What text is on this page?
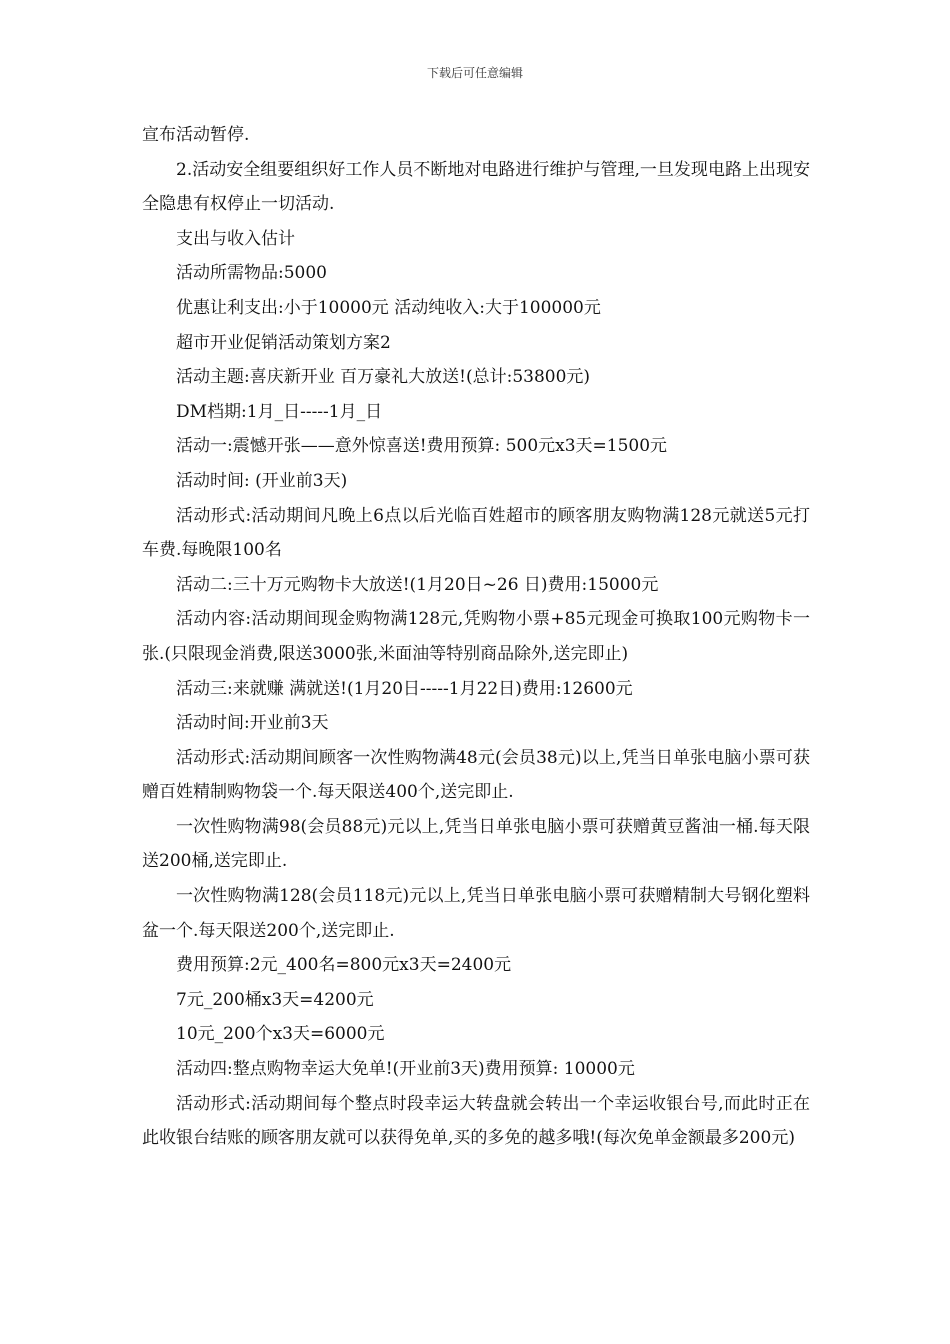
下载后可任意编辑

宣布活动暂停.

2.活动安全组要组织好工作人员不断地对电路进行维护与管理,一旦发现电路上出现安全隐患有权停止一切活动.

支出与收入估计

活动所需物品:5000

优惠让利支出:小于10000元 活动纯收入:大于100000元

超市开业促销活动策划方案2

活动主题:喜庆新开业 百万豪礼大放送!(总计:53800元)

DM档期:1月_日-----1月_日

活动一:震憾开张——意外惊喜送!费用预算: 500元x3天=1500元

活动时间: (开业前3天)

活动形式:活动期间凡晚上6点以后光临百姓超市的顾客朋友购物满128元就送5元打车费.每晚限100名

活动二:三十万元购物卡大放送!(1月20日~26 日)费用:15000元

活动内容:活动期间现金购物满128元,凭购物小票+85元现金可换取100元购物卡一张.(只限现金消费,限送3000张,米面油等特别商品除外,送完即止)

活动三:来就赚 满就送!(1月20日-----1月22日)费用:12600元

活动时间:开业前3天

活动形式:活动期间顾客一次性购物满48元(会员38元)以上,凭当日单张电脑小票可获赠百姓精制购物袋一个.每天限送400个,送完即止.

一次性购物满98(会员88元)元以上,凭当日单张电脑小票可获赠黄豆酱油一桶.每天限送200桶,送完即止.

一次性购物满128(会员118元)元以上,凭当日单张电脑小票可获赠精制大号钢化塑料盆一个.每天限送200个,送完即止.

费用预算:2元_400名=800元x3天=2400元

7元_200桶x3天=4200元

10元_200个x3天=6000元

活动四:整点购物幸运大免单!(开业前3天)费用预算: 10000元

活动形式:活动期间每个整点时段幸运大转盘就会转出一个幸运收银台号,而此时正在此收银台结账的顾客朋友就可以获得免单,买的多免的越多哦!(每次免单金额最多200元)
